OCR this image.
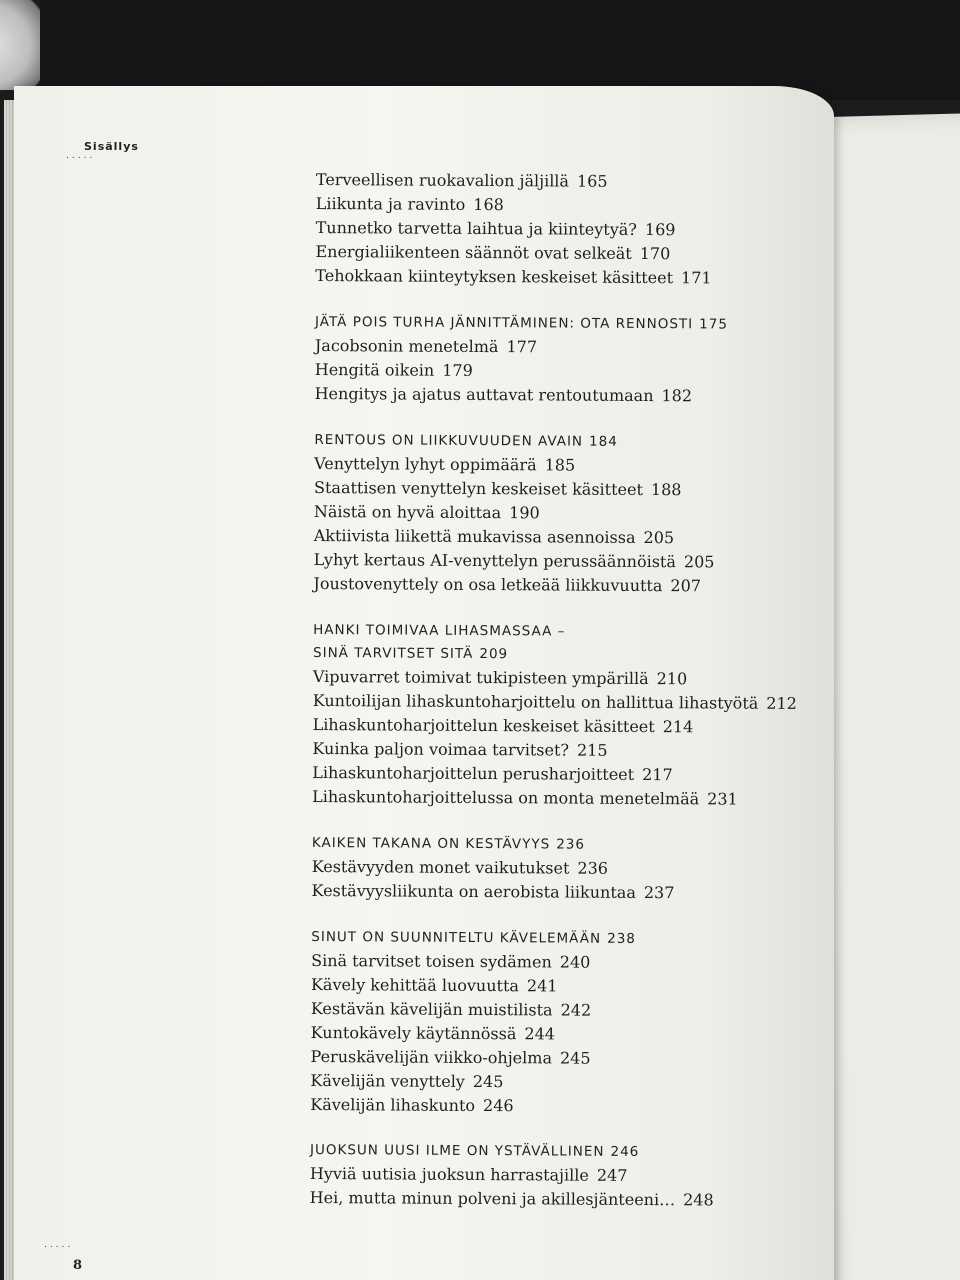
Sisällys

.....
.....
8
Terveellisen ruokavalion jäljillä 165
Liikunta ja ravinto 168
Tunnetko tarvetta laihtua ja kiinteytyä? 169
Energialiikenteen säännöt ovat selkeät 170
Tehokkaan kiinteytyksen keskeiset käsitteet 171
JÄTÄ POIS TURHA JÄNNITTÄMINEN: OTA RENNOSTI 175
Jacobsonin menetelmä 177
Hengitä oikein 179
Hengitys ja ajatus auttavat rentoutumaan 182
RENTOUS ON LIIKKUVUUDEN AVAIN 184
Venyttelyn lyhyt oppimäärä 185
Staattisen venyttelyn keskeiset käsitteet 188
Näistä on hyvä aloittaa 190
Aktiivista liikettä mukavissa asennoissa 205
Lyhyt kertaus AI-venyttelyn perussäännöistä 205
Joustovenyttely on osa letkeää liikkuvuutta 207
HANKI TOIMIVAA LIHASMASSAA –
SINÄ TARVITSET SITÄ 209
Vipuvarret toimivat tukipisteen ympärillä 210
Kuntoilijan lihaskuntoharjoittelu on hallittua lihastyötä 212
Lihaskuntoharjoittelun keskeiset käsitteet 214
Kuinka paljon voimaa tarvitset? 215
Lihaskuntoharjoittelun perusharjoitteet 217
Lihaskuntoharjoittelussa on monta menetelmää 231
KAIKEN TAKANA ON KESTÄVYYS 236
Kestävyyden monet vaikutukset 236
Kestävyysliikunta on aerobista liikuntaa 237
SINUT ON SUUNNITELTU KÄVELEMÄÄN 238
Sinä tarvitset toisen sydämen 240
Kävely kehittää luovuutta 241
Kestävän kävelijän muistilista 242
Kuntokävely käytännössä 244
Peruskävelijän viikko-ohjelma 245
Kävelijän venyttely 245
Kävelijän lihaskunto 246
JUOKSUN UUSI ILME ON YSTÄVÄLLINEN 246
Hyviä uutisia juoksun harrastajille 247
Hei, mutta minun polveni ja akillesjänteeni… 248
